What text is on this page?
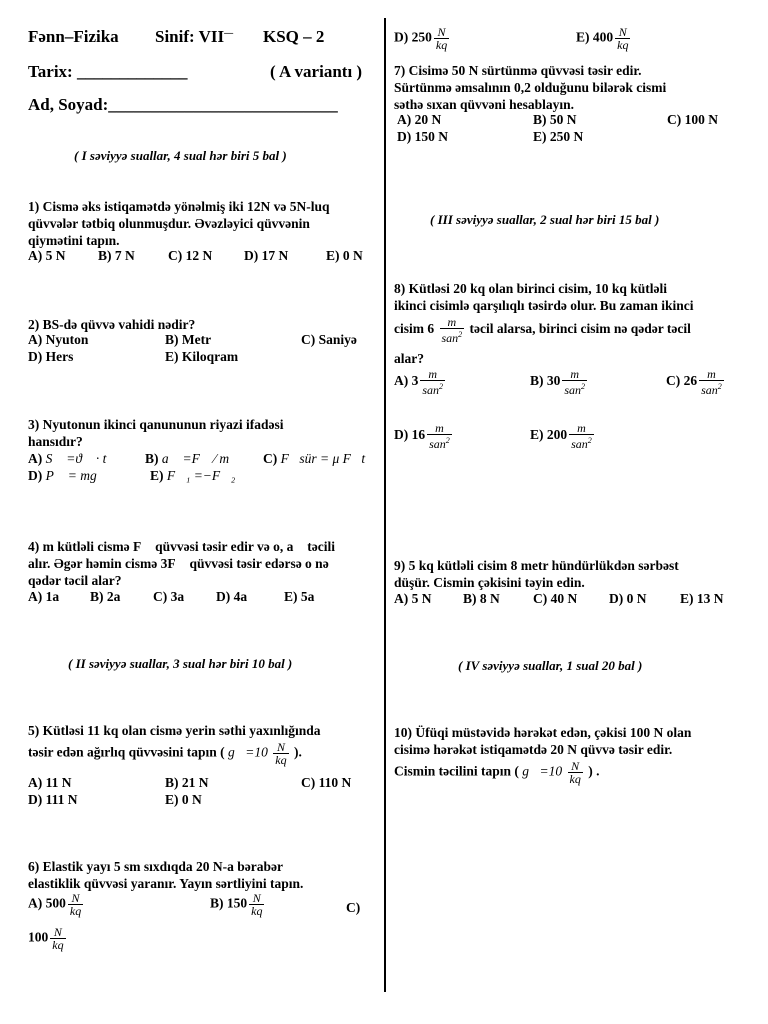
Fənn–Fizika Sinif: VII— KSQ – 2
Tarix: _____________	( A variantı )
Ad, Soyad:___________________________
( I səviyyə suallar, 4 sual hər biri 5 bal )
1) Cismə əks istiqamətdə yönəlmiş iki 12N və 5N-luq
qüvvələr tətbiq olunmuşdur. Əvəzləyici qüvvənin
qiymətini tapın.
A) 5 N B) 7 N C) 12 N D) 17 N	E) 0 N
2) BS-də qüvvə vahidi nədir?
A) Nyuton	B) Metr	C) Saniyə
D) Hers	E) Kiloqram
3) Nyutonun ikinci qanununun riyazi ifadəsi
hansıdır?
A) S⃗ =ϑ⃗ · t	B) a⃗ =F⃗ ⁄ m	C) F⃗sür = μ F⃗t
D) P⃗ = mg⃗	E) F⃗₁ =−F⃗₂
4) m kütləli cismə F⃗ qüvvəsi təsir edir və o, a⃗ təcili
alır. Əgər həmin cismə 3F⃗ qüvvəsi təsir edərsə o nə
qədər təcil alar?
A) 1a⃗ B) 2a⃗ C) 3a⃗ D) 4a⃗ E) 5a⃗
( II səviyyə suallar, 3 sual hər biri 10 bal )
5) Kütləsi 11 kq olan cismə yerin səthi yaxınlığında
təsir edən ağırlıq qüvvəsini tapın ( g⃗=10 $\frac{N}{kq}$ ).
A) 11 N	B) 21 N	C) 110 N
D) 111 N	E) 0 N
6) Elastik yayı 5 sm sıxdıqda 20 N-a bərabər
elastiklik qüvvəsi yaranır. Yayın sərtliyini tapın.
A) $500 \frac{N}{kq}$	B) $150 \frac{N}{kq}$	C)
$100 \frac{N}{kq}$
D) $250 \frac{N}{kq}$	E) $400 \frac{N}{kq}$
7) Cisimə 50 N sürtünmə qüvvəsi təsir edir.
Sürtünmə əmsalının 0,2 olduğunu bilərək cismi
səthə sıxan qüvvəni hesablayın.
A) 20 N	B) 50 N	C) 100 N
D) 150 N	E) 250 N
( III səviyyə suallar, 2 sual hər biri 15 bal )
8) Kütləsi 20 kq olan birinci cisim, 10 kq kütləli
ikinci cisimlə qarşılıqlı təsirdə olur. Bu zaman ikinci
cisim $6 \frac{m}{san^2}$ təcil alarsa, birinci cisim nə qədər təcil
alar?
A) $3 \frac{m}{san^2}$	B) $30 \frac{m}{san^2}$	C) $26 \frac{m}{san^2}$
D) $16 \frac{m}{san^2}$	E) $200 \frac{m}{san^2}$
9) 5 kq kütləli cisim 8 metr hündürlükdən sərbəst
düşür. Cismin çəkisini təyin edin.
A) 5 N B) 8 N C) 40 N D) 0 N E) 13 N
( IV səviyyə suallar, 1 sual 20 bal )
10) Üfüqi müstəvidə hərəkət edən, çəkisi 100 N olan
cisimə hərəkət istiqamətdə 20 N qüvvə təsir edir.
Cismin təcilini tapın ( g⃗=10 $\frac{N}{kq}$ ) .
